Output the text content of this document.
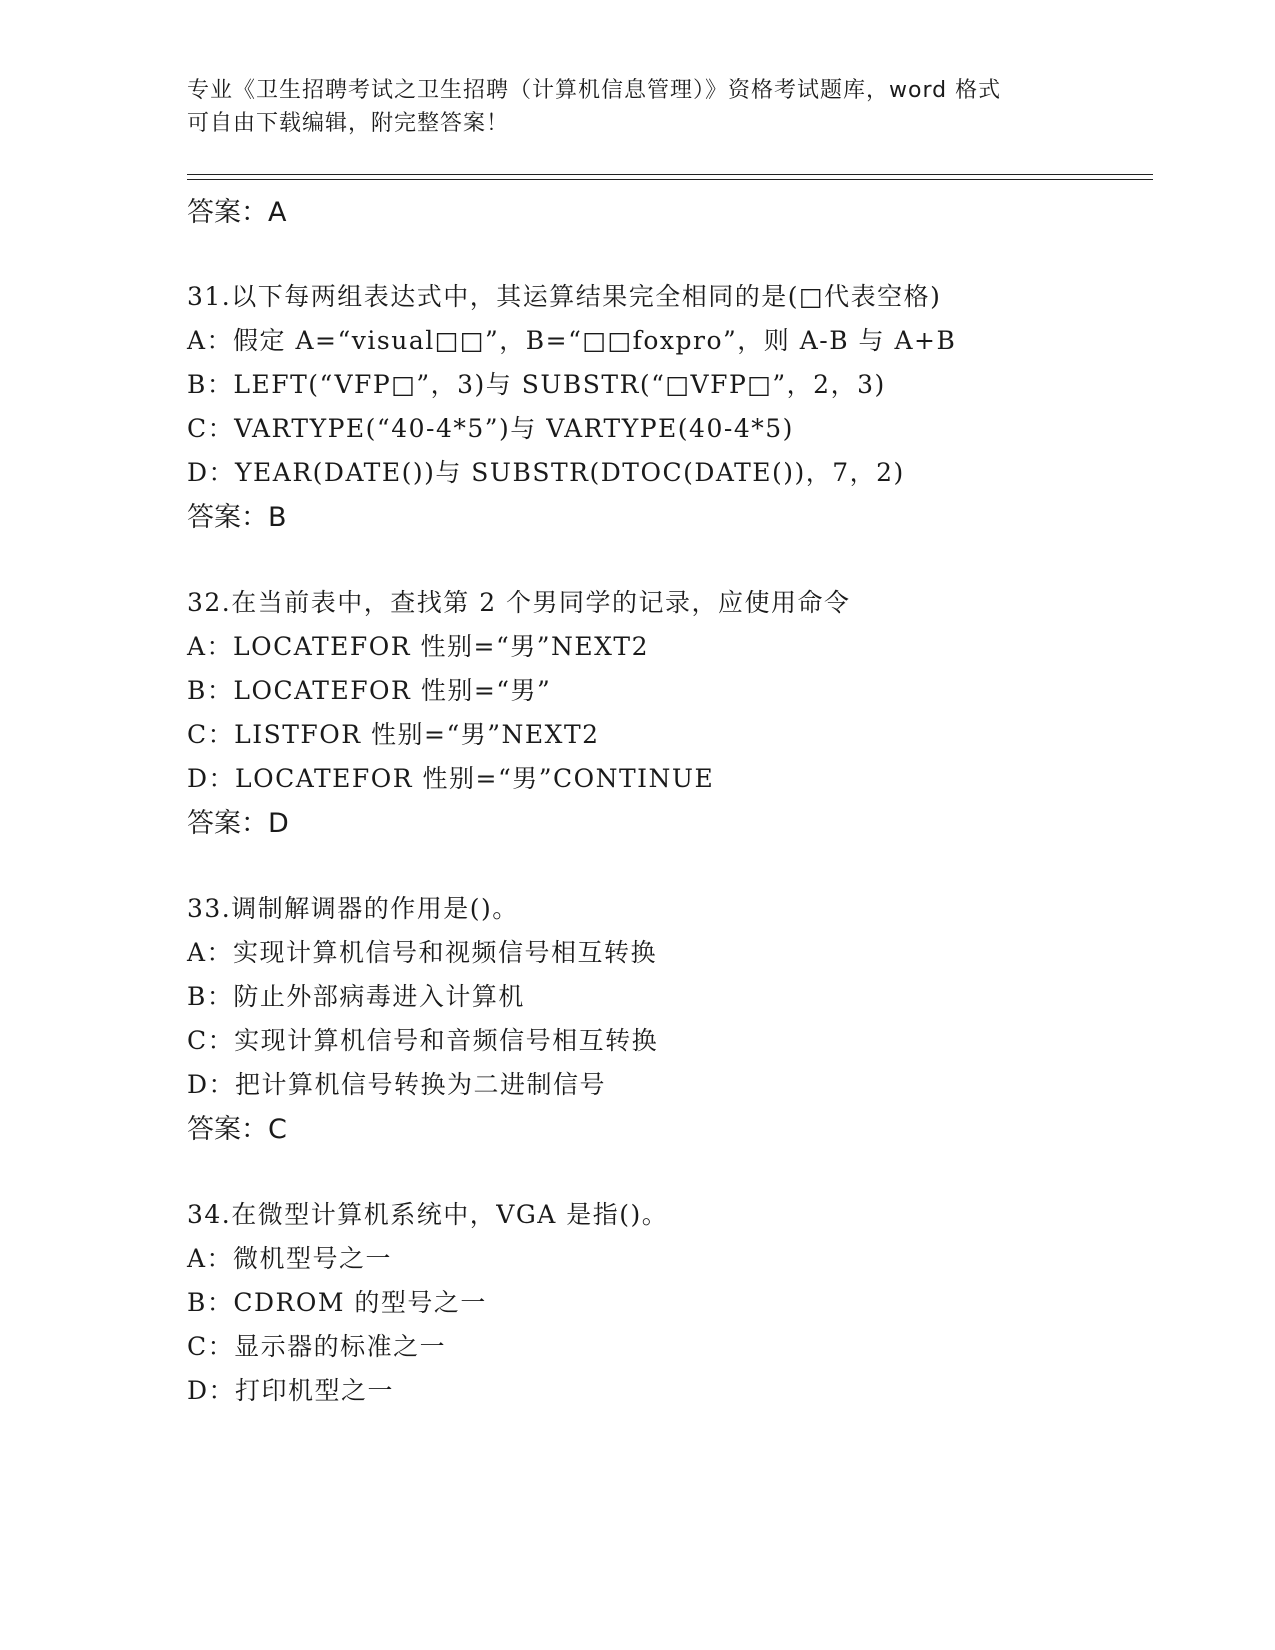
专业《卫生招聘考试之卫生招聘（计算机信息管理）》资格考试题库，word 格式
可自由下载编辑，附完整答案！
答案：A
31.以下每两组表达式中，其运算结果完全相同的是(□代表空格)
A：假定 A=“visual□□”，B=“□□foxpro”，则 A-B 与 A+B
B：LEFT(“VFP□”，3)与 SUBSTR(“□VFP□”，2，3)
C：VARTYPE(“40-4*5”)与 VARTYPE(40-4*5)
D：YEAR(DATE())与 SUBSTR(DTOC(DATE())，7，2)
答案：B
32.在当前表中，查找第 2 个男同学的记录，应使用命令
A：LOCATEFOR 性别=“男”NEXT2
B：LOCATEFOR 性别=“男”
C：LISTFOR 性别=“男”NEXT2
D：LOCATEFOR 性别=“男”CONTINUE
答案：D
33.调制解调器的作用是()。
A：实现计算机信号和视频信号相互转换
B：防止外部病毒进入计算机
C：实现计算机信号和音频信号相互转换
D：把计算机信号转换为二进制信号
答案：C
34.在微型计算机系统中，VGA 是指()。
A：微机型号之一
B：CDROM 的型号之一
C：显示器的标准之一
D：打印机型之一
